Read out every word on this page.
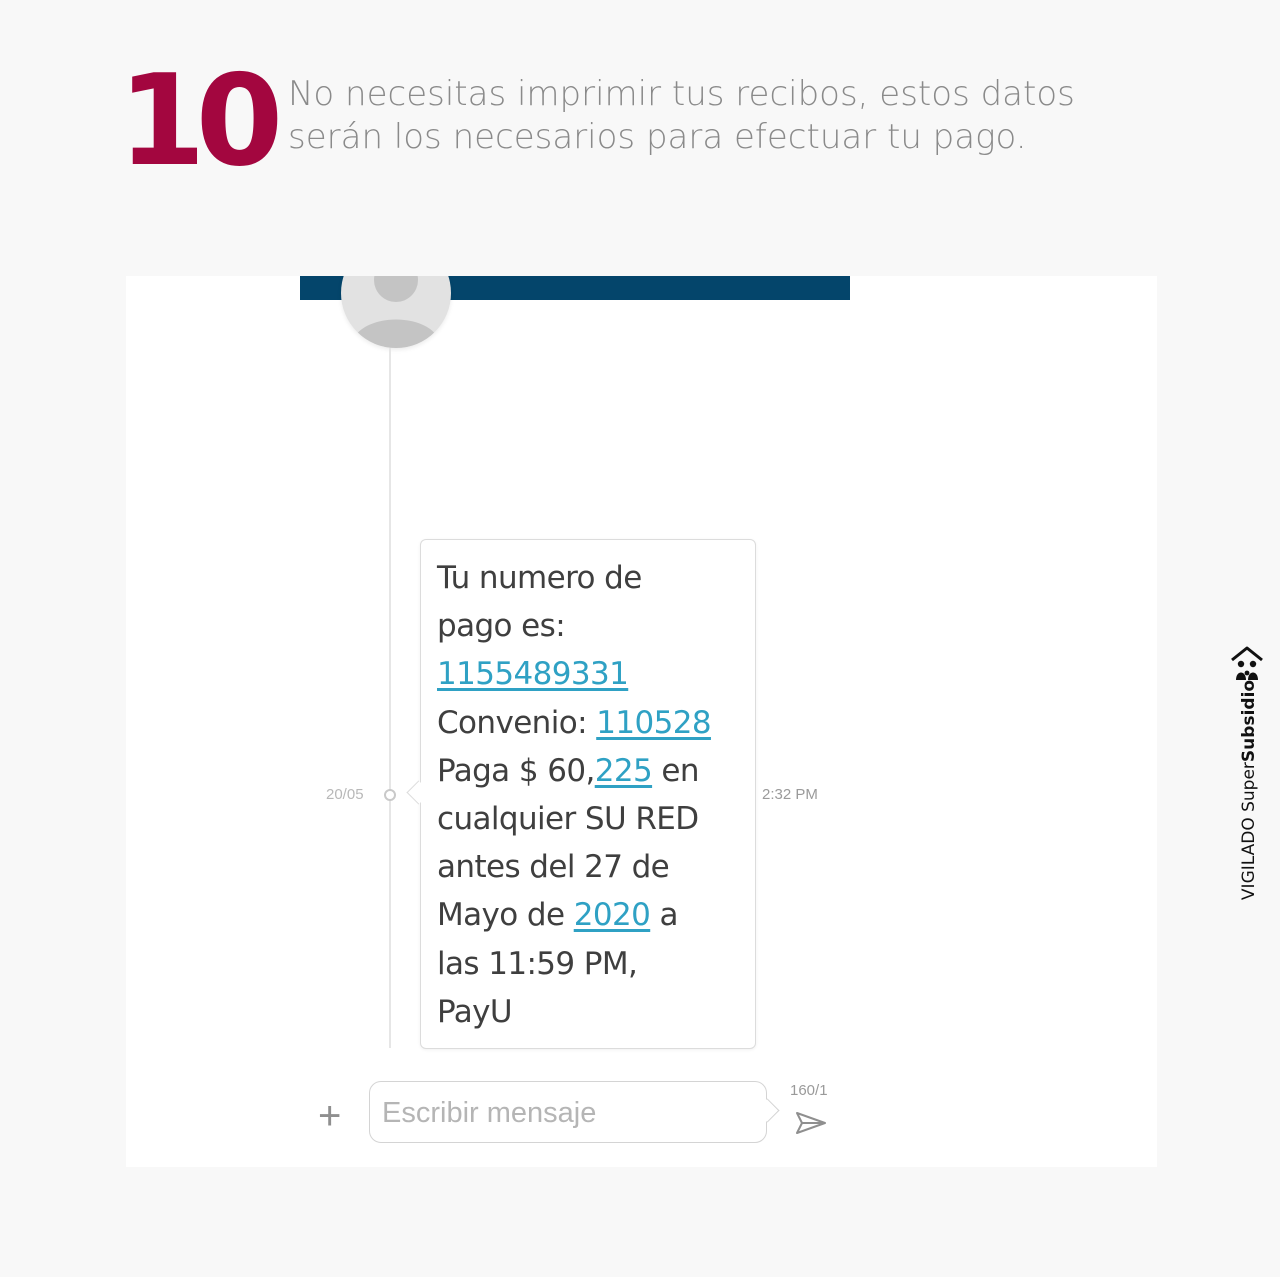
10 No necesitas imprimir tus recibos, estos datos
serán los necesarios para efectuar tu pago.
20/05	2:32 PM
Tu numero de
pago es:
1155489331
Convenio: 110528
Paga $ 60,225 en
cualquier SU RED
antes del 27 de
Mayo de 2020 a
las 11:59 PM,
PayU
+	Escribir mensaje
160/1
VIGILADO SuperSubsidio
